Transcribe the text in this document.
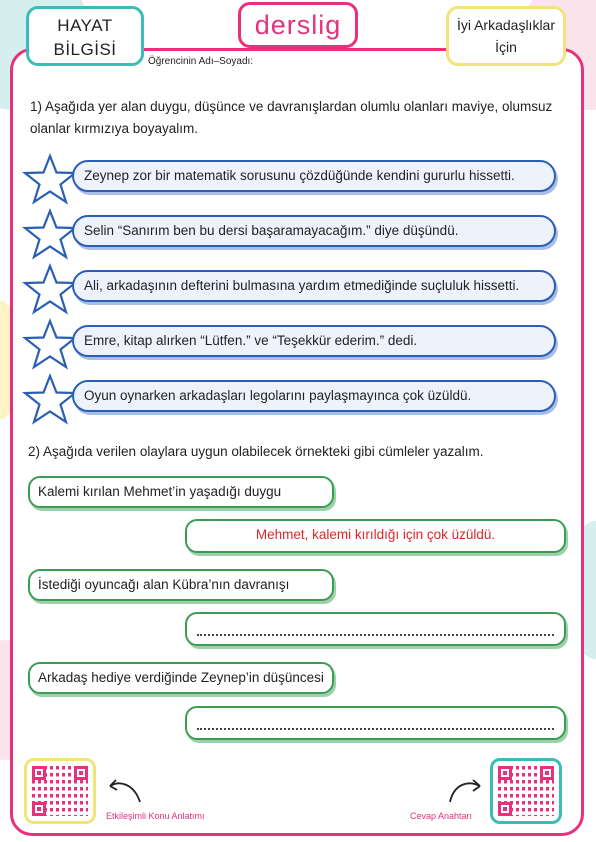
HAYAT
BİLGİSİ
derslig	İyi Arkadaşlıklar
İçin
Öğrencinin Adı–Soyadı:
1) Aşağıda yer alan duygu, düşünce ve davranışlardan olumlu olanları maviye, olumsuz olanlar kırmızıya boyayalım.
Zeynep zor bir matematik sorusunu çözdüğünde kendini gururlu hissetti.
Selin “Sanırım ben bu dersi başaramayacağım.” diye düşündü.
Ali, arkadaşının defterini bulmasına yardım etmediğinde suçluluk hissetti.
Emre, kitap alırken “Lütfen.” ve “Teşekkür ederim.” dedi.
Oyun oynarken arkadaşları legolarını paylaşmayınca çok üzüldü.
2) Aşağıda verilen olaylara uygun olabilecek örnekteki gibi cümleler yazalım.
Kalemi kırılan Mehmet’in yaşadığı duygu
Mehmet, kalemi kırıldığı için çok üzüldü.
İstediği oyuncağı alan Kübra’nın davranışı
Arkadaş hediye verdiğinde Zeynep’in düşüncesi
Etkileşimli Konu Anlatımı	Cevap Anahtarı
